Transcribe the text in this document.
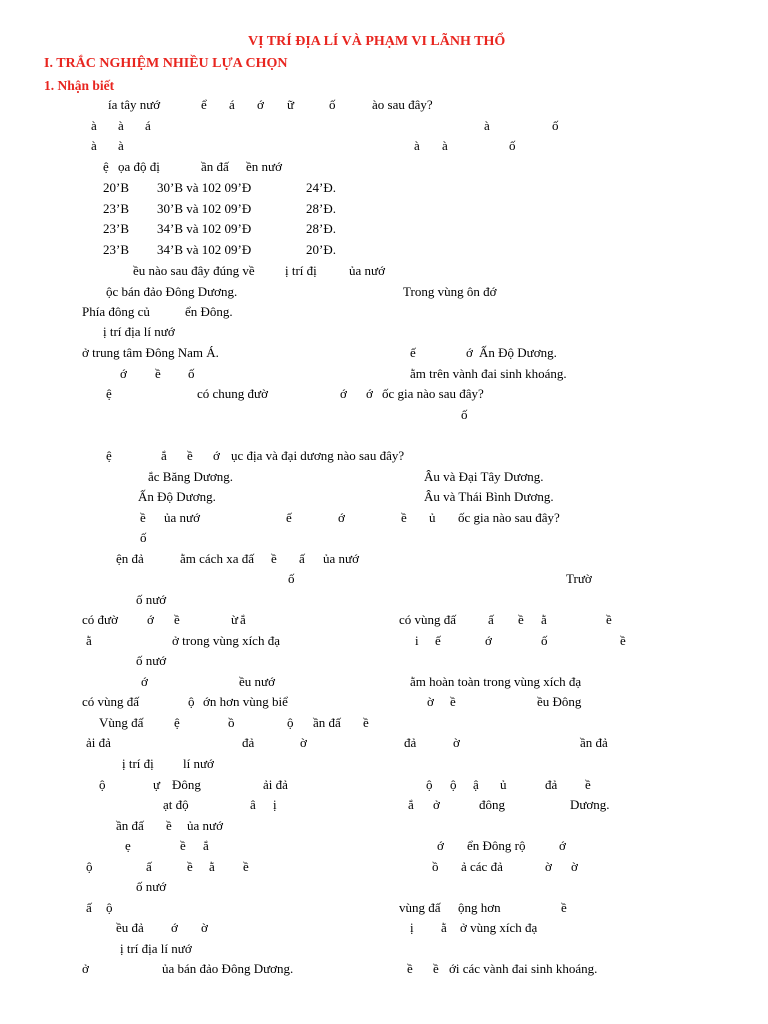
VỊ TRÍ ĐỊA LÍ VÀ PHẠM VI LÃNH THỔ
I. TRẮC NGHIỆM NHIỀU LỰA CHỌN
1. Nhận biết
ía tây nướ	ể á ớ ữ	ố	ào sau đây?
à à á	à	ố
à à	à à	ố
ệ ọa độ đị	ần đấ ền nướ
20’B 30’B và 102 09’Đ	24’Đ.
23’B 30’B và 102 09’Đ	28’Đ.
23’B 34’B và 102 09’Đ	28’Đ.
23’B 34’B và 102 09’Đ	20’Đ.
ều nào sau đây đúng về ị trí đị ủa nướ
ộc bán đảo Đông Dương.	Trong vùng ôn đớ
Phía đông củ	ển Đông.
ị trí địa lí nướ
ở trung tâm Đông Nam Á.	ế	ớ Ấn Độ Dương.
ớ ề ố	ằm trên vành đai sinh khoáng.
ệ	có chung đườ	ớ ớ ốc gia nào sau đây?
ố
ệ	ắ ề ớ ục địa và đại dương nào sau đây?
ắc Băng Dương.	Âu và Đại Tây Dương.
Ấn Độ Dương.	Âu và Thái Bình Dương.
ề ủa nướ	ế	ớ	ề ủ ốc gia nào sau đây?
ố
ện đả	ằm cách xa đấ ề ấ ủa nướ
ố	Trườ
ố nướ
có đườ ớ ề	ừ ắ	có vùng đấ ấ ề ằ	ề
ằ	ở trong vùng xích đạ	i ế	ớ	ố	ề
ố nướ
ớ	ều nướ	ằm hoàn toàn trong vùng xích đạ
có vùng đấ	ộ ớn hơn vùng biể	ờ ề	ều Đông
Vùng đấ ệ	ồ	ộ ần đấ ề
ải đả	đả	ờ	đả	ờ	ần đả
ị trí đị lí nướ
ộ	ự Đông	ải đả	ộ ộ ậ ủ	đả ề
ạt độ	â ị	ắ ở	đông	Dương.
ần đấ ề ủa nướ
ẹ	ề ắ	ớ ển Đông rộ	ớ
ộ	ấ	ề ằ ề	ồ ả các đả	ờ ờ
ố nướ
ấ ộ	vùng đấ ộng hơn	ề
ều đả ớ ờ	ị ằ ở vùng xích đạ
ị trí địa lí nướ
ở	ủa bán đảo Đông Dương.	ề ề ới các vành đai sinh khoáng.
